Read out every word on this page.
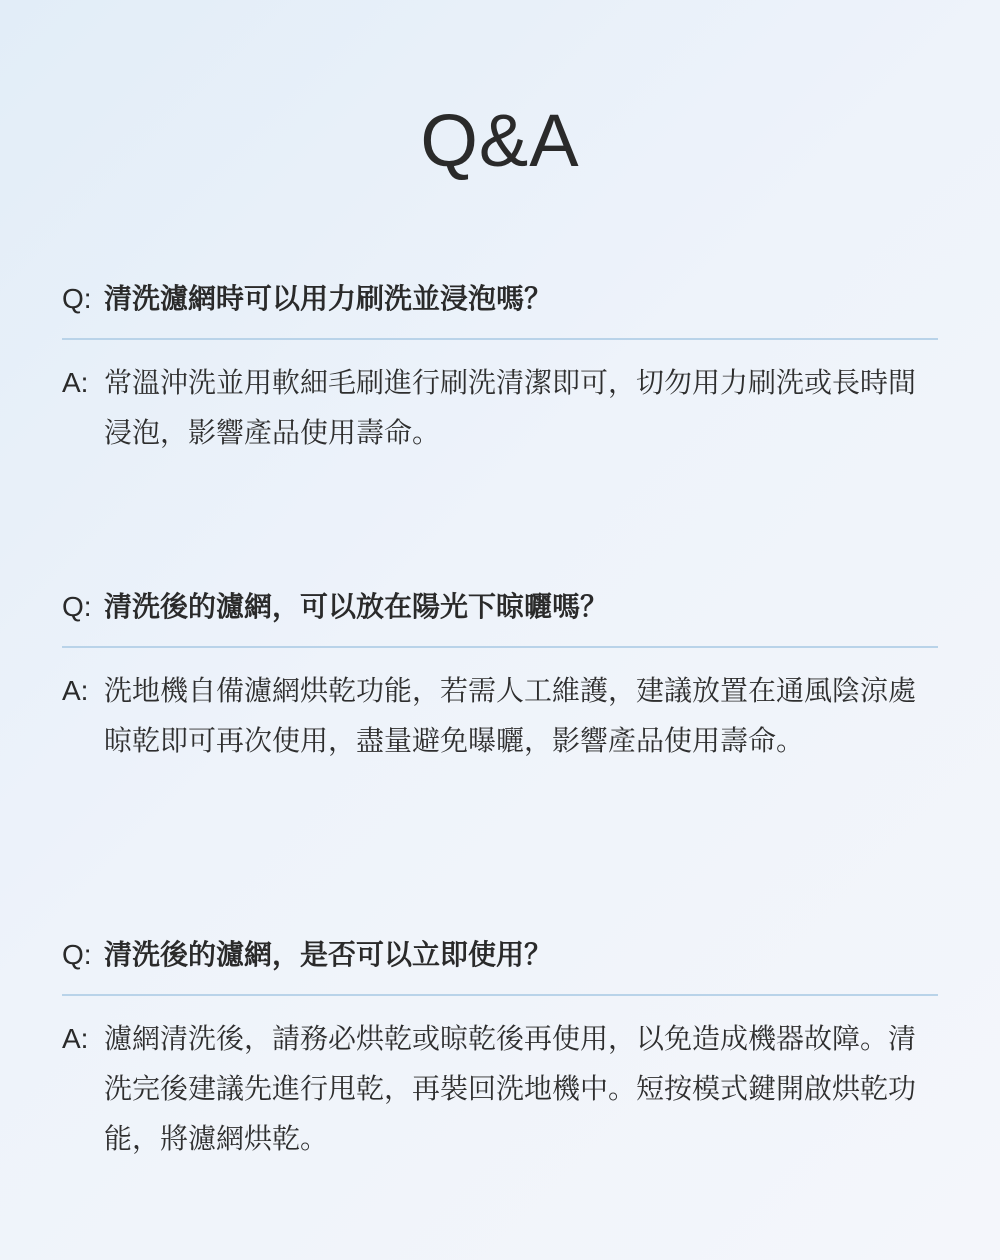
Q&A
Q: 清洗濾網時可以用力刷洗並浸泡嗎？
A: 常溫沖洗並用軟細毛刷進行刷洗清潔即可，切勿用力刷洗或長時間浸泡，影響產品使用壽命。
Q: 清洗後的濾網，可以放在陽光下晾曬嗎？
A: 洗地機自備濾網烘乾功能，若需人工維護，建議放置在通風陰涼處晾乾即可再次使用，盡量避免曝曬，影響產品使用壽命。
Q: 清洗後的濾網，是否可以立即使用？
A: 濾網清洗後，請務必烘乾或晾乾後再使用，以免造成機器故障。清洗完後建議先進行甩乾，再裝回洗地機中。短按模式鍵開啟烘乾功能，將濾網烘乾。
